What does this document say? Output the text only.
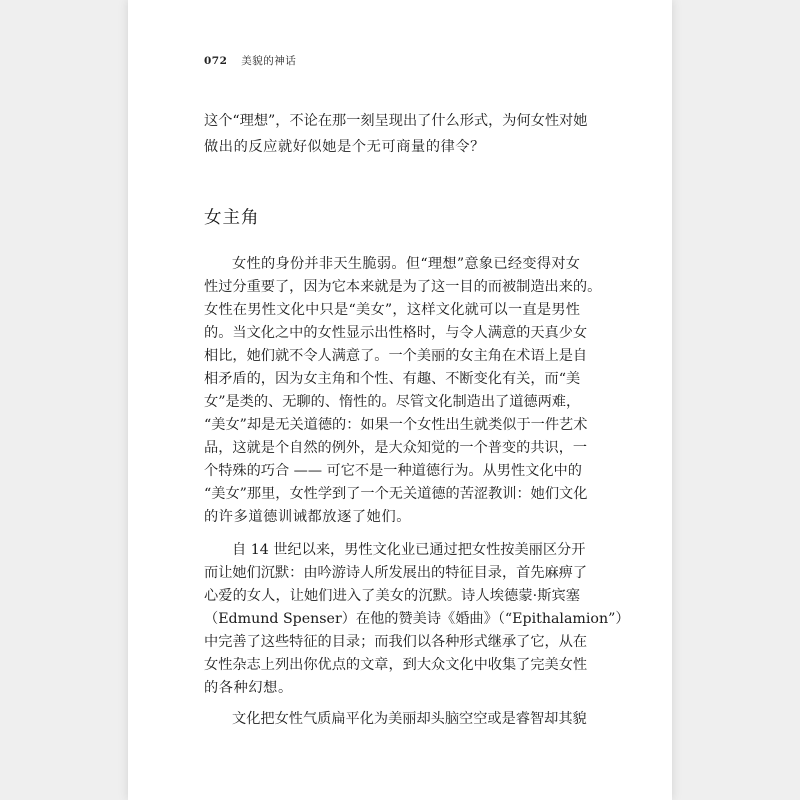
072 美貌的神话
这个“理想”，不论在那一刻呈现出了什么形式，为何女性对她
做出的反应就好似她是个无可商量的律令？
女主角
女性的身份并非天生脆弱。但“理想”意象已经变得对女
性过分重要了，因为它本来就是为了这一目的而被制造出来的。
女性在男性文化中只是“美女”，这样文化就可以一直是男性
的。当文化之中的女性显示出性格时，与令人满意的天真少女
相比，她们就不令人满意了。一个美丽的女主角在术语上是自
相矛盾的，因为女主角和个性、有趣、不断变化有关，而“美
女”是类的、无聊的、惰性的。尽管文化制造出了道德两难，
“美女”却是无关道德的：如果一个女性出生就类似于一件艺术
品，这就是个自然的例外，是大众知觉的一个普变的共识，一
个特殊的巧合 —— 可它不是一种道德行为。从男性文化中的
“美女”那里，女性学到了一个无关道德的苦涩教训：她们文化
的许多道德训诫都放逐了她们。
自 14 世纪以来，男性文化业已通过把女性按美丽区分开
而让她们沉默：由吟游诗人所发展出的特征目录，首先麻痹了
心爱的女人，让她们进入了美女的沉默。诗人埃德蒙·斯宾塞
（Edmund Spenser）在他的赞美诗《婚曲》（“Epithalamion”）
中完善了这些特征的目录；而我们以各种形式继承了它，从在
女性杂志上列出你优点的文章，到大众文化中收集了完美女性
的各种幻想。
文化把女性气质扁平化为美丽却头脑空空或是睿智却其貌
